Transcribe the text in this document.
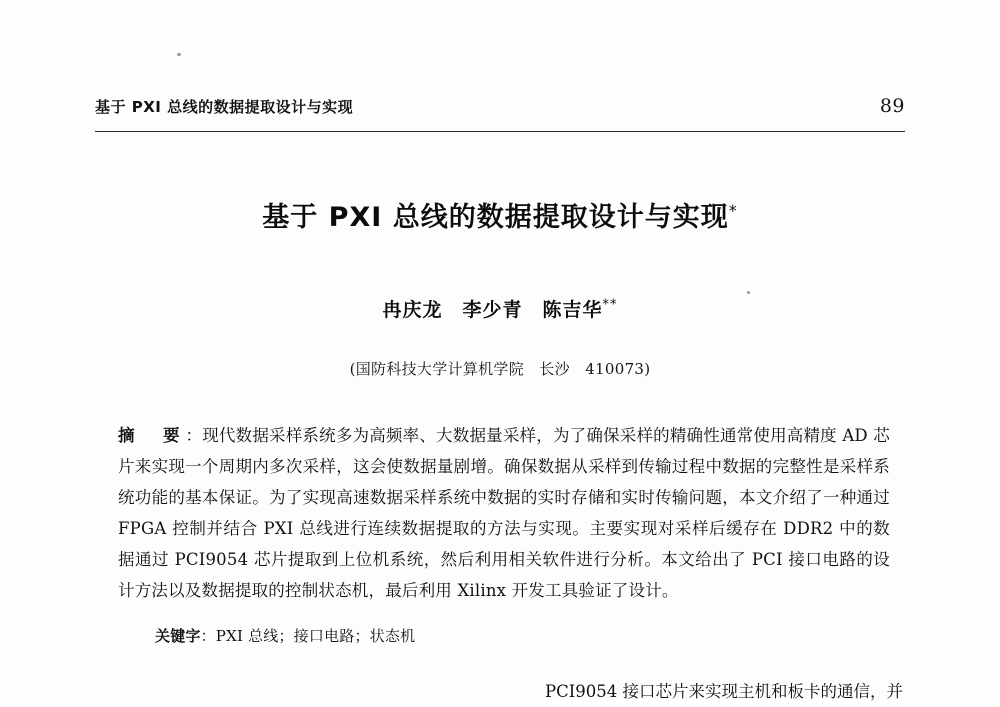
基于 PXI 总线的数据提取设计与实现	89
基于 PXI 总线的数据提取设计与实现*
冉庆龙　李少青　陈吉华**
(国防科技大学计算机学院　长沙　410073)
摘　要：现代数据采样系统多为高频率、大数据量采样，为了确保采样的精确性通常使用高精度 AD 芯片来实现一个周期内多次采样，这会使数据量剧增。确保数据从采样到传输过程中数据的完整性是采样系统功能的基本保证。为了实现高速数据采样系统中数据的实时存储和实时传输问题，本文介绍了一种通过 FPGA 控制并结合 PXI 总线进行连续数据提取的方法与实现。主要实现对采样后缓存在 DDR2 中的数据通过 PCI9054 芯片提取到上位机系统，然后利用相关软件进行分析。本文给出了 PCI 接口电路的设计方法以及数据提取的控制状态机，最后利用 Xilinx 开发工具验证了设计。
关键字：PXI 总线；接口电路；状态机
PCI9054 接口芯片来实现主机和板卡的通信，并
